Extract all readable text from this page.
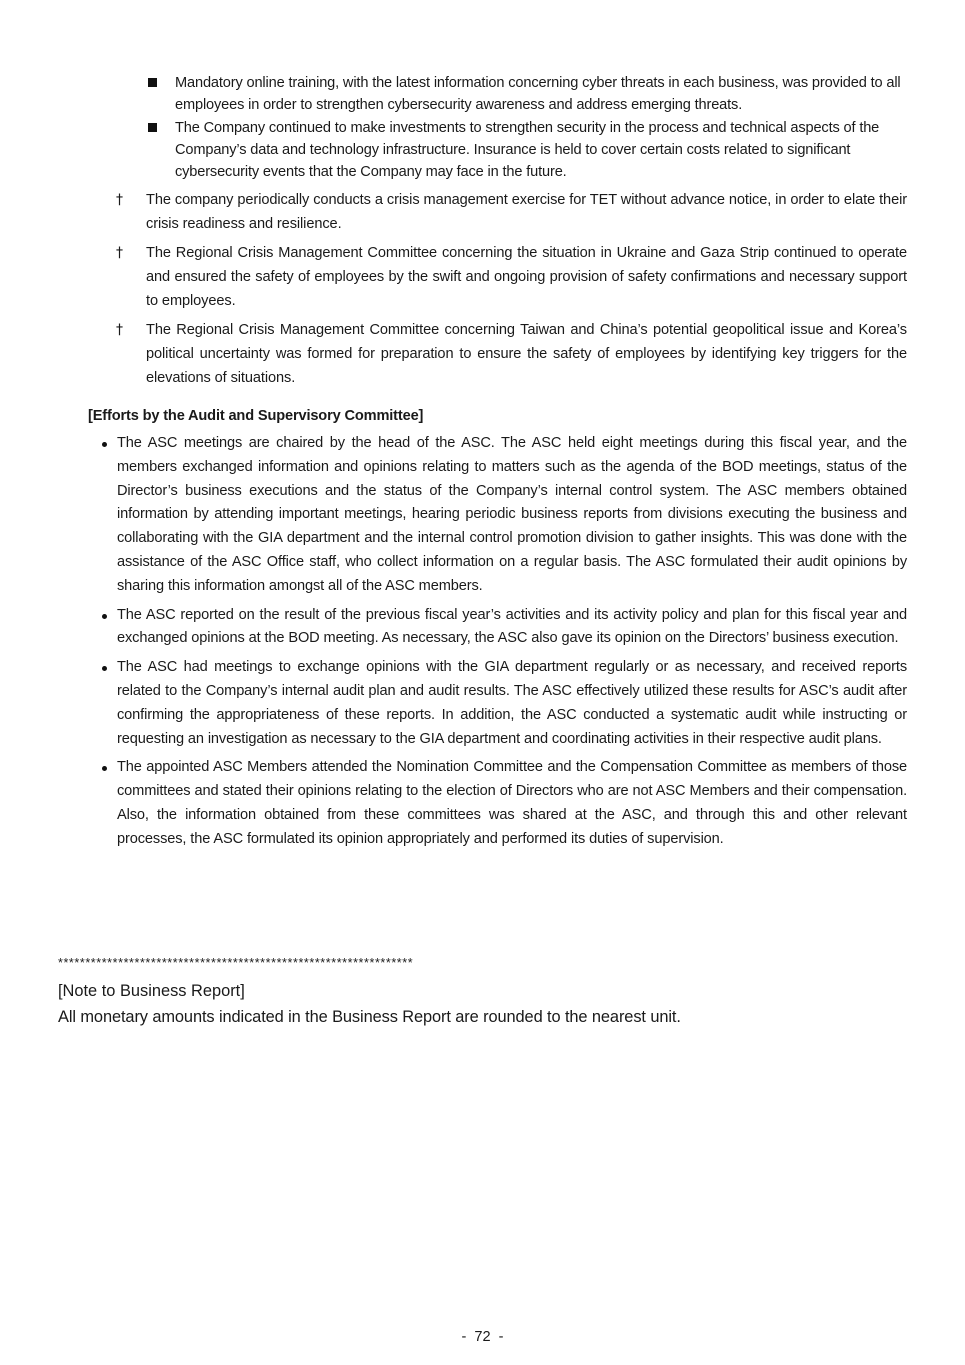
Mandatory online training, with the latest information concerning cyber threats in each business, was provided to all employees in order to strengthen cybersecurity awareness and address emerging threats.
The Company continued to make investments to strengthen security in the process and technical aspects of the Company’s data and technology infrastructure. Insurance is held to cover certain costs related to significant cybersecurity events that the Company may face in the future.
† The company periodically conducts a crisis management exercise for TET without advance notice, in order to elate their crisis readiness and resilience.
† The Regional Crisis Management Committee concerning the situation in Ukraine and Gaza Strip continued to operate and ensured the safety of employees by the swift and ongoing provision of safety confirmations and necessary support to employees.
† The Regional Crisis Management Committee concerning Taiwan and China’s potential geopolitical issue and Korea’s political uncertainty was formed for preparation to ensure the safety of employees by identifying key triggers for the elevations of situations.
[Efforts by the Audit and Supervisory Committee]
The ASC meetings are chaired by the head of the ASC. The ASC held eight meetings during this fiscal year, and the members exchanged information and opinions relating to matters such as the agenda of the BOD meetings, status of the Director’s business executions and the status of the Company’s internal control system. The ASC members obtained information by attending important meetings, hearing periodic business reports from divisions executing the business and collaborating with the GIA department and the internal control promotion division to gather insights. This was done with the assistance of the ASC Office staff, who collect information on a regular basis. The ASC formulated their audit opinions by sharing this information amongst all of the ASC members.
The ASC reported on the result of the previous fiscal year’s activities and its activity policy and plan for this fiscal year and exchanged opinions at the BOD meeting. As necessary, the ASC also gave its opinion on the Directors’ business execution.
The ASC had meetings to exchange opinions with the GIA department regularly or as necessary, and received reports related to the Company’s internal audit plan and audit results. The ASC effectively utilized these results for ASC’s audit after confirming the appropriateness of these reports. In addition, the ASC conducted a systematic audit while instructing or requesting an investigation as necessary to the GIA department and coordinating activities in their respective audit plans.
The appointed ASC Members attended the Nomination Committee and the Compensation Committee as members of those committees and stated their opinions relating to the election of Directors who are not ASC Members and their compensation. Also, the information obtained from these committees was shared at the ASC, and through this and other relevant processes, the ASC formulated its opinion appropriately and performed its duties of supervision.
*****************************************************************

[Note to Business Report]

All monetary amounts indicated in the Business Report are rounded to the nearest unit.

- 72 -
